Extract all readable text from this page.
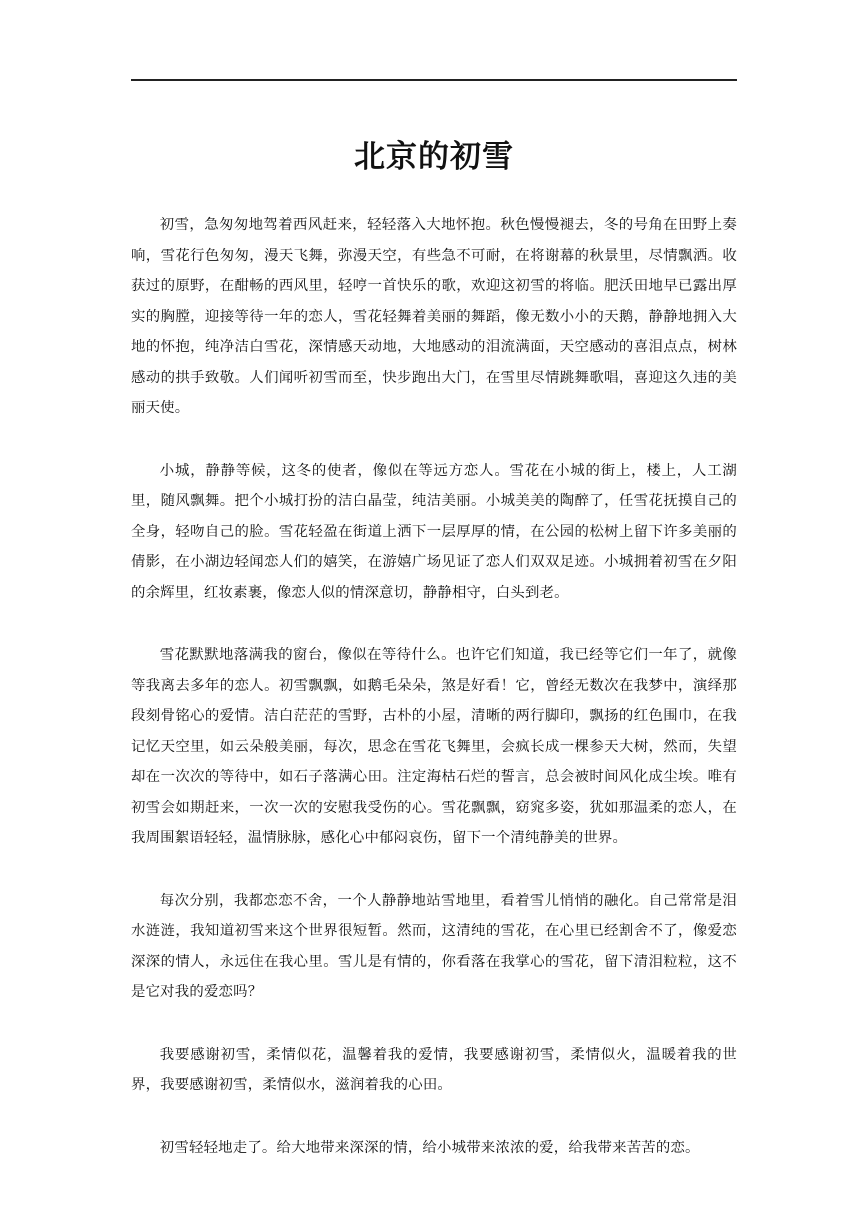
北京的初雪

初雪，急匆匆地驾着西风赶来，轻轻落入大地怀抱。秋色慢慢褪去，冬的号角在田野上奏响，雪花行色匆匆，漫天飞舞，弥漫天空，有些急不可耐，在将谢幕的秋景里，尽情飘洒。收获过的原野，在酣畅的西风里，轻哼一首快乐的歌，欢迎这初雪的将临。肥沃田地早已露出厚实的胸膛，迎接等待一年的恋人，雪花轻舞着美丽的舞蹈，像无数小小的天鹅，静静地拥入大地的怀抱，纯净洁白雪花，深情感天动地，大地感动的泪流满面，天空感动的喜泪点点，树林感动的拱手致敬。人们闻听初雪而至，快步跑出大门，在雪里尽情跳舞歌唱，喜迎这久违的美丽天使。

小城，静静等候，这冬的使者，像似在等远方恋人。雪花在小城的街上，楼上，人工湖里，随风飘舞。把个小城打扮的洁白晶莹，纯洁美丽。小城美美的陶醉了，任雪花抚摸自己的全身，轻吻自己的脸。雪花轻盈在街道上洒下一层厚厚的情，在公园的松树上留下许多美丽的倩影，在小湖边轻闻恋人们的嬉笑，在游嬉广场见证了恋人们双双足迹。小城拥着初雪在夕阳的余辉里，红妆素裹，像恋人似的情深意切，静静相守，白头到老。

雪花默默地落满我的窗台，像似在等待什么。也许它们知道，我已经等它们一年了，就像等我离去多年的恋人。初雪飘飘，如鹅毛朵朵，煞是好看！它，曾经无数次在我梦中，演绎那段刻骨铭心的爱情。洁白茫茫的雪野，古朴的小屋，清晰的两行脚印，飘扬的红色围巾，在我记忆天空里，如云朵般美丽，每次，思念在雪花飞舞里，会疯长成一棵参天大树，然而，失望却在一次次的等待中，如石子落满心田。注定海枯石烂的誓言，总会被时间风化成尘埃。唯有初雪会如期赶来，一次一次的安慰我受伤的心。雪花飘飘，窈窕多姿，犹如那温柔的恋人，在我周围絮语轻轻，温情脉脉，感化心中郁闷哀伤，留下一个清纯静美的世界。

每次分别，我都恋恋不舍，一个人静静地站雪地里，看着雪儿悄悄的融化。自己常常是泪水涟涟，我知道初雪来这个世界很短暂。然而，这清纯的雪花，在心里已经割舍不了，像爱恋深深的情人，永远住在我心里。雪儿是有情的，你看落在我掌心的雪花，留下清泪粒粒，这不是它对我的爱恋吗？

我要感谢初雪，柔情似花，温馨着我的爱情，我要感谢初雪，柔情似火，温暖着我的世界，我要感谢初雪，柔情似水，滋润着我的心田。

初雪轻轻地走了。给大地带来深深的情，给小城带来浓浓的爱，给我带来苦苦的恋。
